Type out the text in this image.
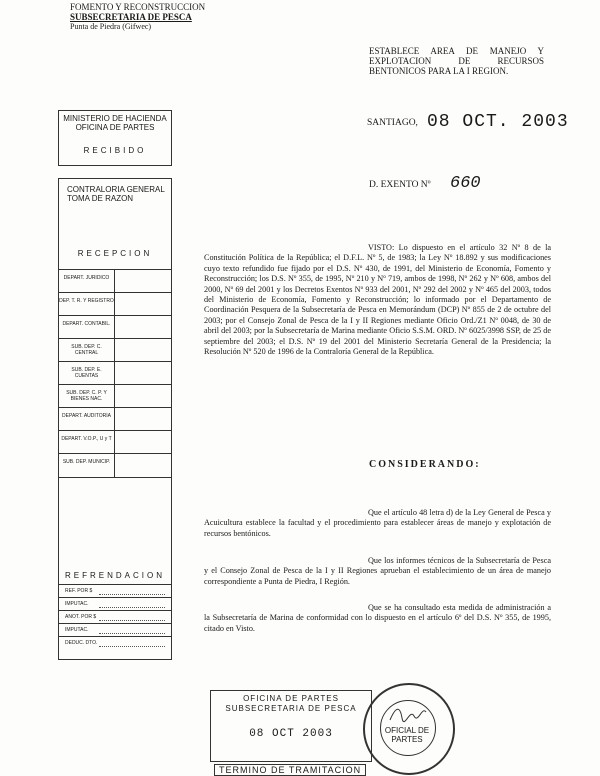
FOMENTO Y RECONSTRUCCION
SUBSECRETARIA DE PESCA
Punta de Piedra (Gifwec)
ESTABLECE AREA DE MANEJO Y EXPLOTACION DE RECURSOS BENTONICOS PARA LA I REGION.
SANTIAGO, 08 OCT. 2003
D. EXENTO Nº 660
VISTO: Lo dispuesto en el artículo 32 Nº 8 de la Constitución Política de la República; el D.F.L. Nº 5, de 1983; la Ley Nº 18.892 y sus modificaciones cuyo texto refundido fue fijado por el D.S. Nº 430, de 1991, del Ministerio de Economía, Fomento y Reconstrucción; los D.S. Nº 355, de 1995, Nº 210 y Nº 719, ambos de 1998, Nº 262 y Nº 608, ambos del 2000, Nº 69 del 2001 y los Decretos Exentos Nº 933 del 2001, Nº 292 del 2002 y Nº 465 del 2003, todos del Ministerio de Economía, Fomento y Reconstrucción; lo informado por el Departamento de Coordinación Pesquera de la Subsecretaría de Pesca en Memorándum (DCP) Nº 855 de 2 de octubre del 2003; por el Consejo Zonal de Pesca de la I y II Regiones mediante Oficio Ord./Z1 Nº 0048, de 30 de abril del 2003; por la Subsecretaría de Marina mediante Oficio S.S.M. ORD. Nº 6025/3998 SSP, de 25 de septiembre del 2003; el D.S. Nº 19 del 2001 del Ministerio Secretaría General de la Presidencia; la Resolución Nº 520 de 1996 de la Contraloría General de la República.
CONSIDERANDO:
Que el artículo 48 letra d) de la Ley General de Pesca y Acuicultura establece la facultad y el procedimiento para establecer áreas de manejo y explotación de recursos bentónicos.
Que los informes técnicos de la Subsecretaría de Pesca y el Consejo Zonal de Pesca de la I y II Regiones aprueban el establecimiento de un área de manejo correspondiente a Punta de Piedra, I Región.
Que se ha consultado esta medida de administración a la Subsecretaría de Marina de conformidad con lo dispuesto en el artículo 6º del D.S. Nº 355, de 1995, citado en Visto.
MINISTERIO DE HACIENDA OFICINA DE PARTES
RECIBIDO
CONTRALORIA GENERAL TOMA DE RAZON
RECEPCION
DEPART. JURIDICO
DEP. T. R. Y REGISTRO
DEPART. CONTABIL.
SUB. DEP. C. CENTRAL
SUB. DEP. E. CUENTAS
SUB. DEP. C. P. Y BIENES NAC.
DEPART. AUDITORIA
DEPART. V.O.P., U y T
SUB. DEP. MUNICIP.
REFRENDACION
REF. POR $
IMPUTAC.
ANOT. POR $
IMPUTAC.
DEDUC. DTO.
OFICINA DE PARTES
SUBSECRETARIA DE PESCA
08 OCT 2003
TERMINO DE TRAMITACION
OFICIAL DE PARTES
